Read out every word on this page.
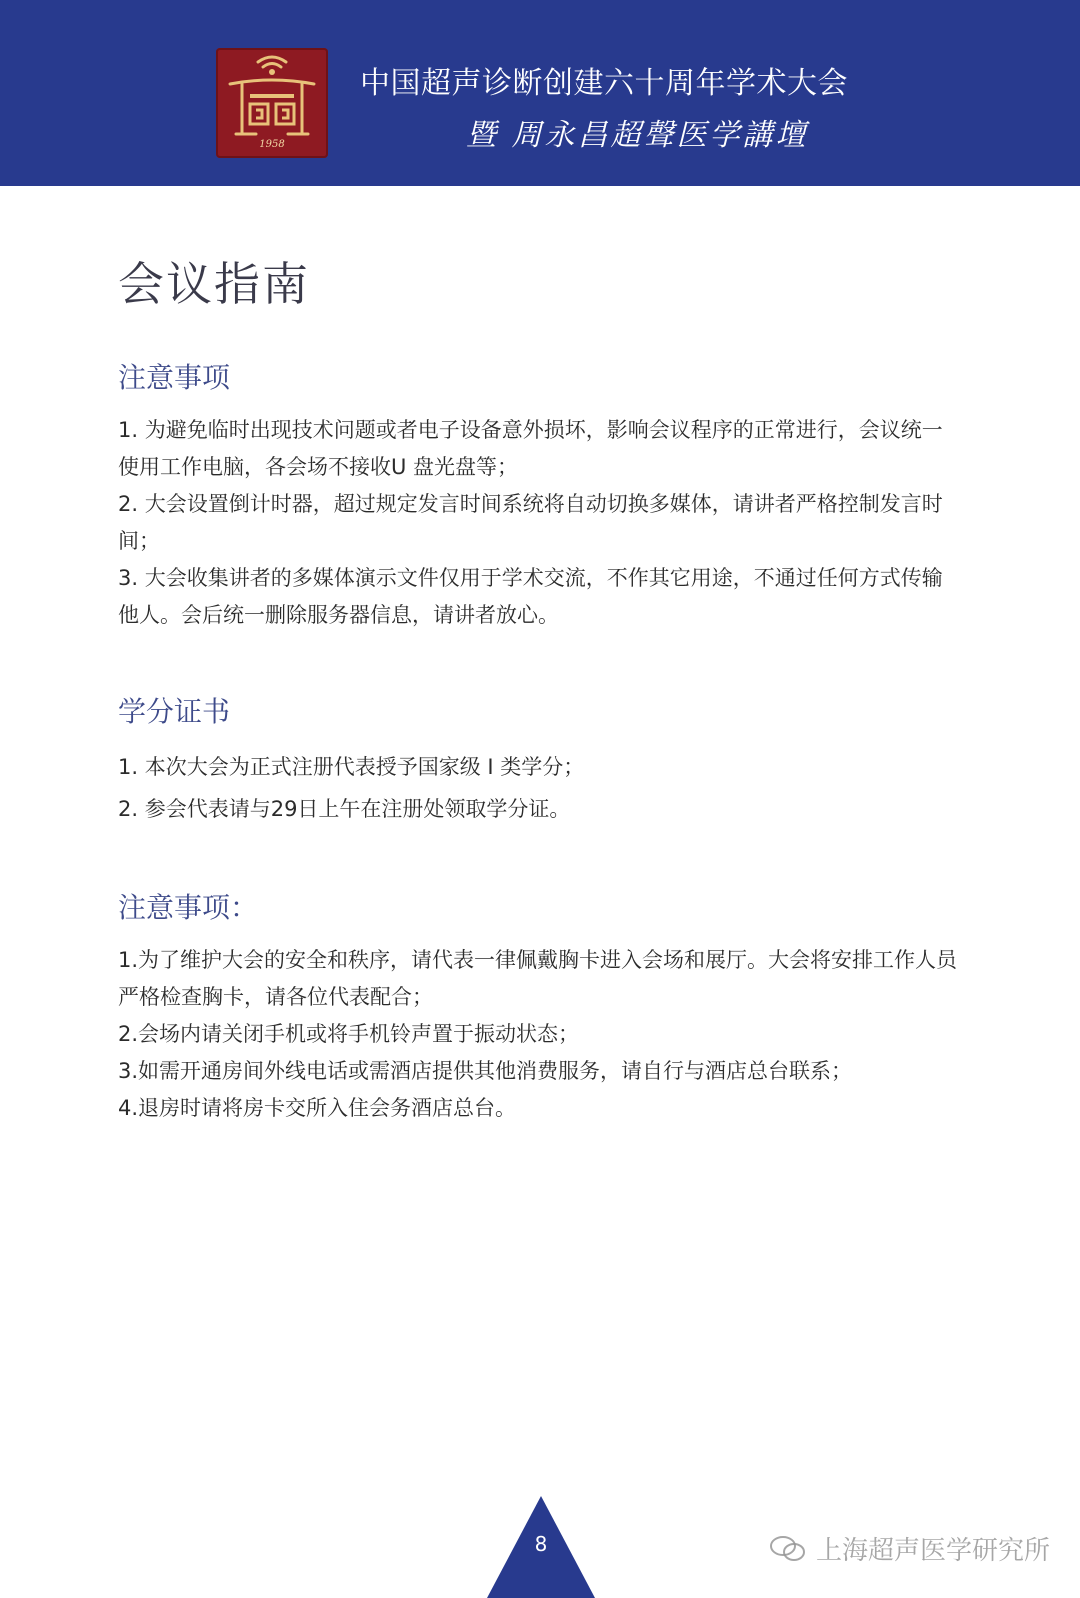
1958
中国超声诊断创建六十周年学术大会
暨 周永昌超聲医学講壇
会议指南
注意事项

1. 为避免临时出现技术问题或者电子设备意外损坏，影响会议程序的正常进行，会议统一使用工作电脑，各会场不接收U 盘光盘等；

2. 大会设置倒计时器，超过规定发言时间系统将自动切换多媒体，请讲者严格控制发言时间；

3. 大会收集讲者的多媒体演示文件仅用于学术交流，不作其它用途，不通过任何方式传输他人。会后统一删除服务器信息，请讲者放心。

学分证书

1. 本次大会为正式注册代表授予国家级 I 类学分；

2. 参会代表请与29日上午在注册处领取学分证。

注意事项：

1.为了维护大会的安全和秩序，请代表一律佩戴胸卡进入会场和展厅。大会将安排工作人员严格检查胸卡，请各位代表配合；

2.会场内请关闭手机或将手机铃声置于振动状态；

3.如需开通房间外线电话或需酒店提供其他消费服务，请自行与酒店总台联系；

4.退房时请将房卡交所入住会务酒店总台。

8	上海超声医学研究所
